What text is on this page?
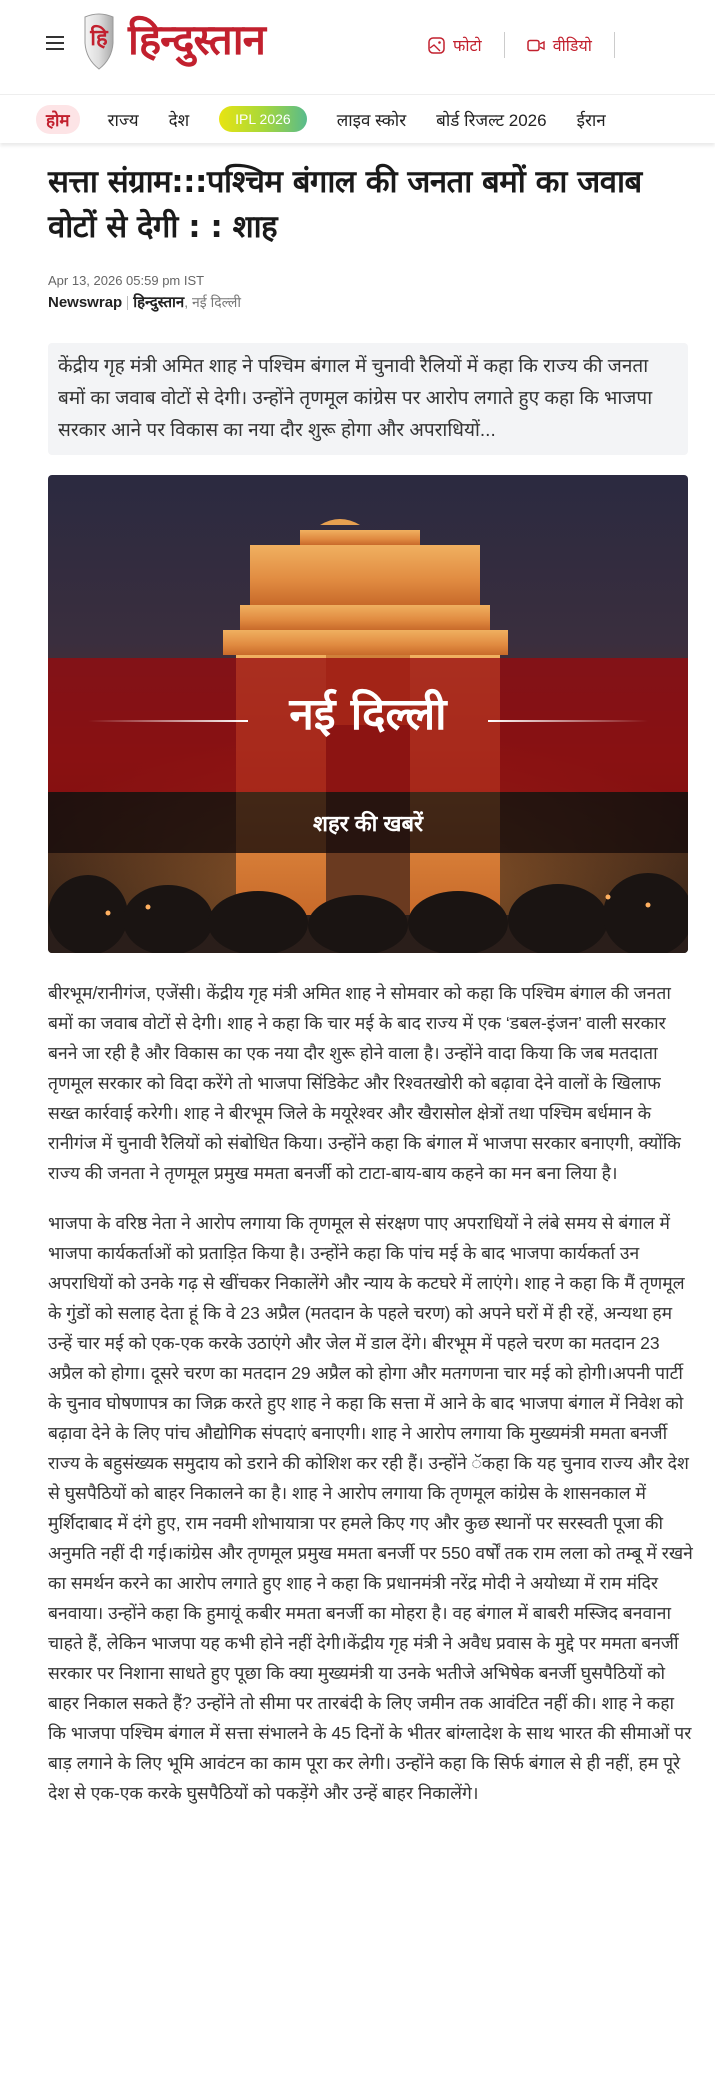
हि हिन्दुस्तान	फोटो	वीडियो
होम	राज्य देश	IPL 2026	लाइव स्कोर बोर्ड रिजल्ट 2026 ईरान
सत्ता संग्राम:::पश्चिम बंगाल की जनता बमों का जवाब वोटों से देगी : : शाह
Apr 13, 2026 05:59 pm IST
Newswrap हिन्दुस्तान, नई दिल्ली
केंद्रीय गृह मंत्री अमित शाह ने पश्चिम बंगाल में चुनावी रैलियों में कहा कि राज्य की जनता बमों का जवाब वोटों से देगी। उन्होंने तृणमूल कांग्रेस पर आरोप लगाते हुए कहा कि भाजपा सरकार आने पर विकास का नया दौर शुरू होगा और अपराधियों...
नई दिल्ली
शहर की खबरें

बीरभूम/रानीगंज, एजेंसी। केंद्रीय गृह मंत्री अमित शाह ने सोमवार को कहा कि पश्चिम बंगाल की जनता बमों का जवाब वोटों से देगी। शाह ने कहा कि चार मई के बाद राज्य में एक ‘डबल-इंजन’ वाली सरकार बनने जा रही है और विकास का एक नया दौर शुरू होने वाला है। उन्होंने वादा किया कि जब मतदाता तृणमूल सरकार को विदा करेंगे तो भाजपा सिंडिकेट और रिश्वतखोरी को बढ़ावा देने वालों के खिलाफ सख्त कार्रवाई करेगी। शाह ने बीरभूम जिले के मयूरेश्वर और खैरासोल क्षेत्रों तथा पश्चिम बर्धमान के रानीगंज में चुनावी रैलियों को संबोधित किया। उन्होंने कहा कि बंगाल में भाजपा सरकार बनाएगी, क्योंकि राज्य की जनता ने तृणमूल प्रमुख ममता बनर्जी को टाटा-बाय-बाय कहने का मन बना लिया है।

भाजपा के वरिष्ठ नेता ने आरोप लगाया कि तृणमूल से संरक्षण पाए अपराधियों ने लंबे समय से बंगाल में भाजपा कार्यकर्ताओं को प्रताड़ित किया है। उन्होंने कहा कि पांच मई के बाद भाजपा कार्यकर्ता उन अपराधियों को उनके गढ़ से खींचकर निकालेंगे और न्याय के कटघरे में लाएंगे। शाह ने कहा कि मैं तृणमूल के गुंडों को सलाह देता हूं कि वे 23 अप्रैल (मतदान के पहले चरण) को अपने घरों में ही रहें, अन्यथा हम उन्हें चार मई को एक-एक करके उठाएंगे और जेल में डाल देंगे। बीरभूम में पहले चरण का मतदान 23 अप्रैल को होगा। दूसरे चरण का मतदान 29 अप्रैल को होगा और मतगणना चार मई को होगी।अपनी पार्टी के चुनाव घोषणापत्र का जिक्र करते हुए शाह ने कहा कि सत्ता में आने के बाद भाजपा बंगाल में निवेश को बढ़ावा देने के लिए पांच औद्योगिक संपदाएं बनाएगी। शाह ने आरोप लगाया कि मुख्यमंत्री ममता बनर्जी राज्य के बहुसंख्यक समुदाय को डराने की कोशिश कर रही हैं। उन्होंने ॅकहा कि यह चुनाव राज्य और देश से घुसपैठियों को बाहर निकालने का है। शाह ने आरोप लगाया कि तृणमूल कांग्रेस के शासनकाल में मुर्शिदाबाद में दंगे हुए, राम नवमी शोभायात्रा पर हमले किए गए और कुछ स्थानों पर सरस्वती पूजा की अनुमति नहीं दी गई।कांग्रेस और तृणमूल प्रमुख ममता बनर्जी पर 550 वर्षों तक राम लला को तम्बू में रखने का समर्थन करने का आरोप लगाते हुए शाह ने कहा कि प्रधानमंत्री नरेंद्र मोदी ने अयोध्या में राम मंदिर बनवाया। उन्होंने कहा कि हुमायूं कबीर ममता बनर्जी का मोहरा है। वह बंगाल में बाबरी मस्जिद बनवाना चाहते हैं, लेकिन भाजपा यह कभी होने नहीं देगी।केंद्रीय गृह मंत्री ने अवैध प्रवास के मुद्दे पर ममता बनर्जी सरकार पर निशाना साधते हुए पूछा कि क्या मुख्यमंत्री या उनके भतीजे अभिषेक बनर्जी घुसपैठियों को बाहर निकाल सकते हैं? उन्होंने तो सीमा पर तारबंदी के लिए जमीन तक आवंटित नहीं की। शाह ने कहा कि भाजपा पश्चिम बंगाल में सत्ता संभालने के 45 दिनों के भीतर बांग्लादेश के साथ भारत की सीमाओं पर बाड़ लगाने के लिए भूमि आवंटन का काम पूरा कर लेगी। उन्होंने कहा कि सिर्फ बंगाल से ही नहीं, हम पूरे देश से एक-एक करके घुसपैठियों को पकड़ेंगे और उन्हें बाहर निकालेंगे।
